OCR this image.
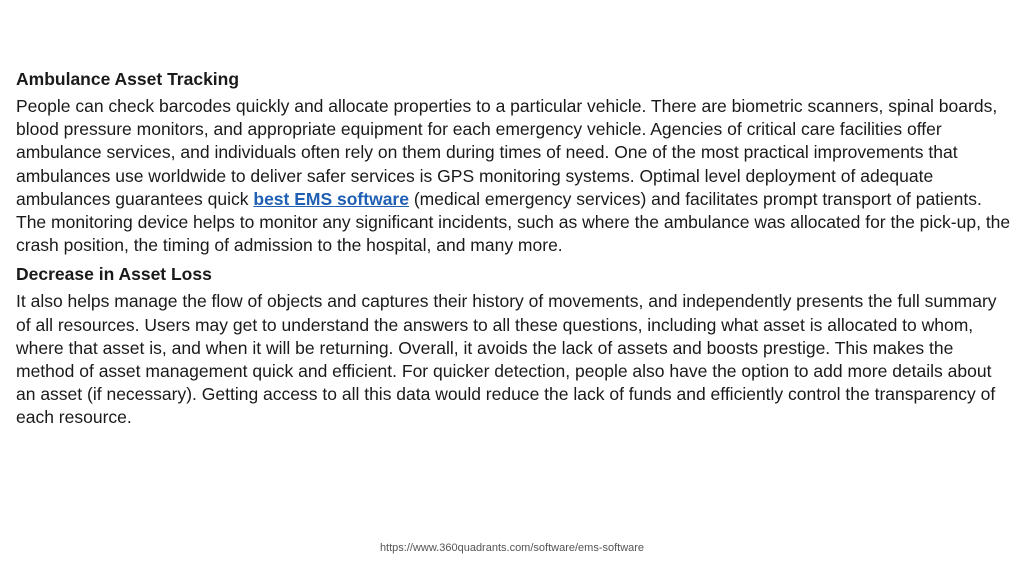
Ambulance Asset Tracking

People can check barcodes quickly and allocate properties to a particular vehicle. There are biometric scanners, spinal boards, blood pressure monitors, and appropriate equipment for each emergency vehicle. Agencies of critical care facilities offer ambulance services, and individuals often rely on them during times of need. One of the most practical improvements that ambulances use worldwide to deliver safer services is GPS monitoring systems. Optimal level deployment of adequate ambulances guarantees quick best EMS software (medical emergency services) and facilitates prompt transport of patients. The monitoring device helps to monitor any significant incidents, such as where the ambulance was allocated for the pick-up, the crash position, the timing of admission to the hospital, and many more.

Decrease in Asset Loss

It also helps manage the flow of objects and captures their history of movements, and independently presents the full summary of all resources. Users may get to understand the answers to all these questions, including what asset is allocated to whom, where that asset is, and when it will be returning. Overall, it avoids the lack of assets and boosts prestige. This makes the method of asset management quick and efficient. For quicker detection, people also have the option to add more details about an asset (if necessary). Getting access to all this data would reduce the lack of funds and efficiently control the transparency of each resource.

https://www.360quadrants.com/software/ems-software
